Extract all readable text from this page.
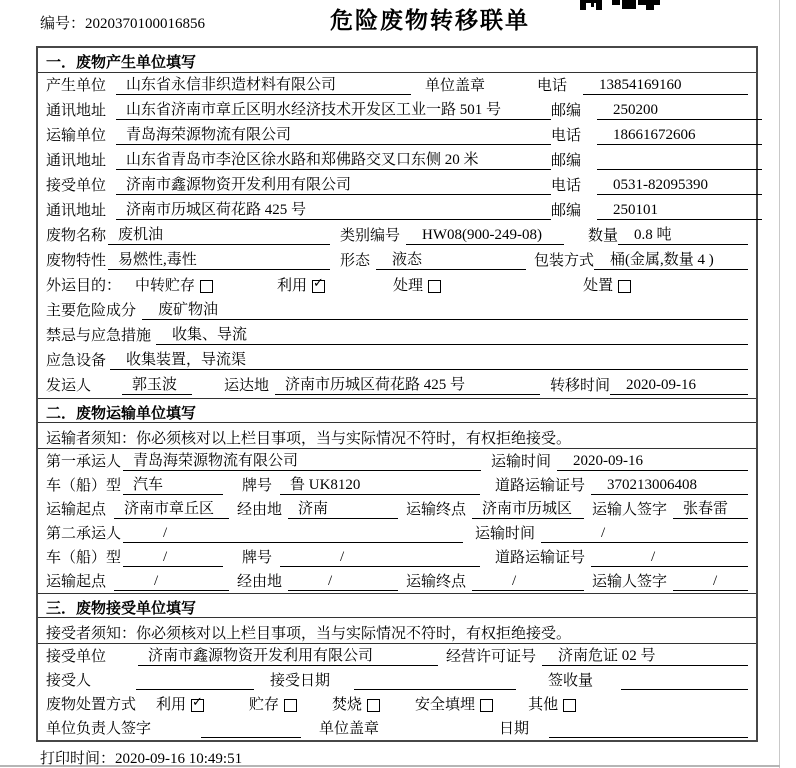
编号：2020370100016856	危险废物转移联单
一．废物产生单位填写
产生单位	山东省永信非织造材料有限公司	单位盖章	电话	13854169160
通讯地址	山东省济南市章丘区明水经济技术开发区工业一路 501 号	邮编	250200
运输单位	青岛海荣源物流有限公司	电话	18661672606
通讯地址	山东省青岛市李沧区徐水路和郑佛路交叉口东侧 20 米	邮编
接受单位	济南市鑫源物资开发利用有限公司	电话	0531-82095390
通讯地址	济南市历城区荷花路 425 号	邮编	250101
废物名称 废机油	类别编号	HW08(900-249-08)	数量	0.8 吨
废物特性 易燃性,毒性	形态	液态	包装方式	桶(金属,数量 4 )
外运目的： 中转贮存	利用 ✓	处理	处置
主要危险成分	废矿物油
禁忌与应急措施	收集、导流
应急设备	收集装置，导流渠
发运人	郭玉波	运达地	济南市历城区荷花路 425 号	转移时间	2020-09-16
二．废物运输单位填写
运输者须知：你必须核对以上栏目事项，当与实际情况不符时，有权拒绝接受。
第一承运人 青岛海荣源物流有限公司	运输时间	2020-09-16
车（船）型 汽车	牌号	鲁 UK8120	道路运输证号	370213006408
运输起点	济南市章丘区	经由地	济南	运输终点	济南市历城区	运输人签字	张春雷
第二承运人	/	运输时间	/
车（船）型	/	牌号	/	道路运输证号	/
运输起点	/	经由地	/	运输终点	/	运输人签字	/
三．废物接受单位填写
接受者须知：你必须核对以上栏目事项，当与实际情况不符时，有权拒绝接受。
接受单位	济南市鑫源物资开发利用有限公司	经营许可证号	济南危证 02 号
接受人	接受日期	签收量
废物处置方式 利用 ✓	贮存	焚烧	安全填埋	其他
单位负责人签字	单位盖章	日期
打印时间：2020-09-16 10:49:51
